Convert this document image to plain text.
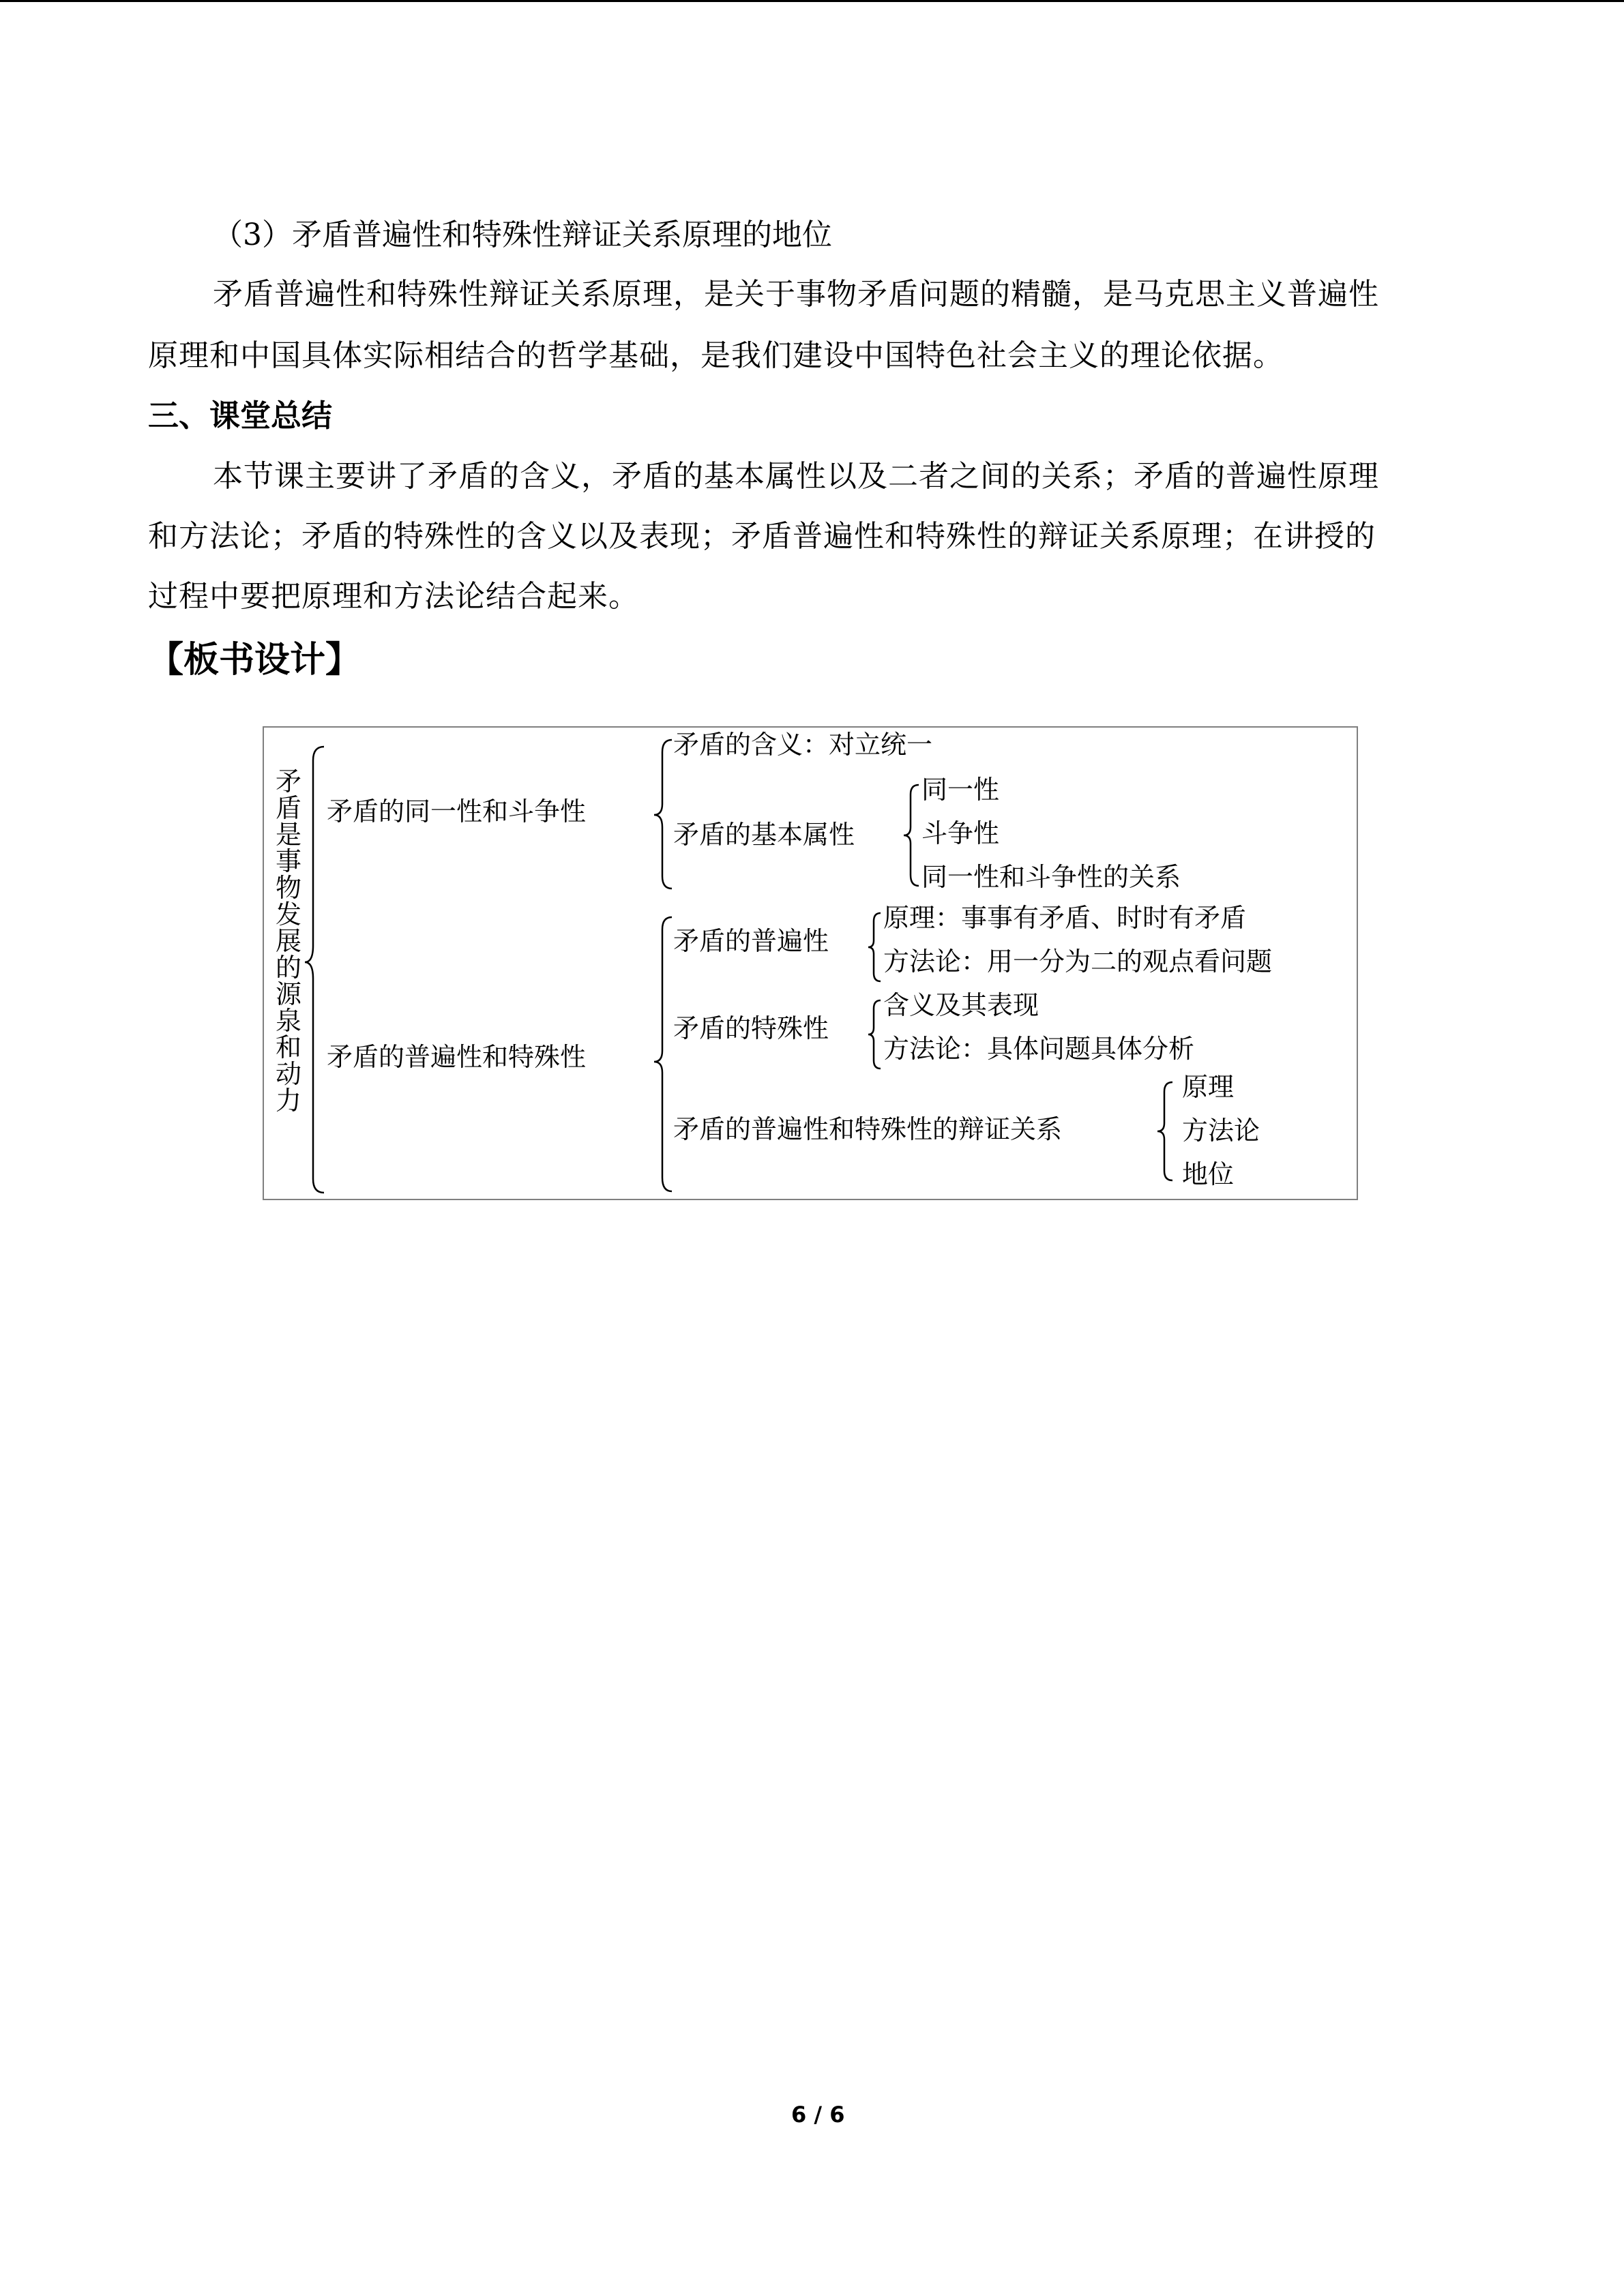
（3）矛盾普遍性和特殊性辩证关系原理的地位
矛盾普遍性和特殊性辩证关系原理，是关于事物矛盾问题的精髓，是马克思主义普遍性
原理和中国具体实际相结合的哲学基础，是我们建设中国特色社会主义的理论依据。
三、课堂总结
本节课主要讲了矛盾的含义，矛盾的基本属性以及二者之间的关系；矛盾的普遍性原理
和方法论；矛盾的特殊性的含义以及表现；矛盾普遍性和特殊性的辩证关系原理；在讲授的
过程中要把原理和方法论结合起来。
【板书设计】
矛盾是事物发展的源泉和动力
矛盾的同一性和斗争性
矛盾的含义：对立统一
矛盾的基本属性
同一性
斗争性
同一性和斗争性的关系
矛盾的普遍性和特殊性
矛盾的普遍性
原理：事事有矛盾、时时有矛盾
方法论：用一分为二的观点看问题
矛盾的特殊性
含义及其表现
方法论：具体问题具体分析
矛盾的普遍性和特殊性的辩证关系
原理
方法论
地位
6 / 6
